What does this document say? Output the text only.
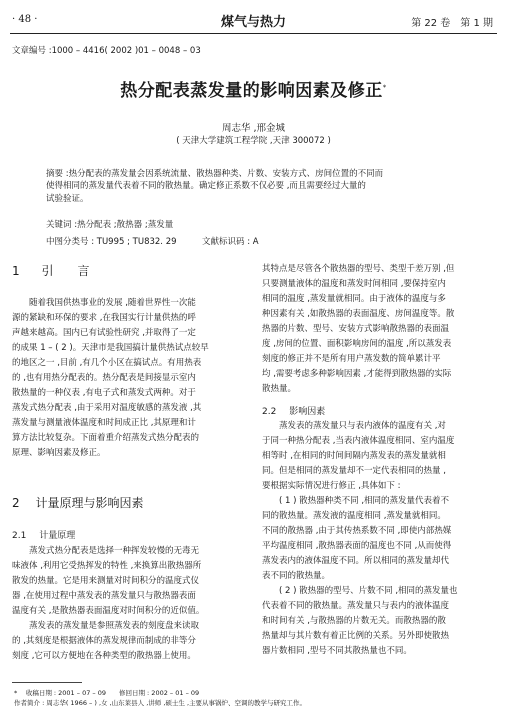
· 48 ·	煤气与热力	第 22 卷　第 1 期
文章编号 :1000 – 4416( 2002 )01 – 0048 – 03
热分配表蒸发量的影响因素及修正*
周志华 ,邢金城
( 天津大学建筑工程学院 ,天津 300072 )
摘要 :热分配表的蒸发量会因系统流量、散热器种类、片数、安装方式、房间位置的不同而
使得相同的蒸发量代表着不同的散热量。确定修正系数不仅必要 ,而且需要经过大量的
试验验证。
关键词 :热分配表 ;散热器 ;蒸发量
中图分类号 : TU995 ; TU832. 29	文献标识码 : A
1 引　　言
　　随着我国供热事业的发展 ,随着世界性一次能
源的紧缺和环保的要求 ,在我国实行计量供热的呼
声越来越高。国内已有试验性研究 ,并取得了一定
的成果 1 – ( 2 )。天津市是我国搞计量供热试点较早
的地区之一 ,目前 ,有几个小区在搞试点。有用热表
的 ,也有用热分配表的。热分配表是间接显示室内
散热量的一种仪表 ,有电子式和蒸发式两种。对于
蒸发式热分配表 ,由于采用对温度敏感的蒸发液 ,其
蒸发量与测量液体温度和时间成正比 ,其原理和计
算方法比较复杂。下面着重介绍蒸发式热分配表的
原理、影响因素及修正。
2 计量原理与影响因素
2.1 计量原理
　　蒸发式热分配表是选择一种挥发较慢的无毒无
味液体 ,利用它受热挥发的特性 ,来换算出散热器所
散发的热量。它是用来测量对时间积分的温度式仪
器 ,在使用过程中蒸发表的蒸发量只与散热器表面
温度有关 ,是散热器表面温度对时间积分的近似值。
　　蒸发表的蒸发量是参照蒸发表的刻度盘来读取
的 ,其刻度是根据液体的蒸发规律而制成的非等分
刻度 ,它可以方便地在各种类型的散热器上使用。
其特点是尽管各个散热器的型号、类型千差万别 ,但
只要测量液体的温度和蒸发时间相同 ,要保持室内
相同的温度 ,蒸发量就相同。由于液体的温度与多
种因素有关 ,如散热器的表面温度、房间温度等。散
热器的片数、型号、安装方式影响散热器的表面温
度 ,房间的位置、面积影响房间的温度 ,所以蒸发表
刻度的修正并不是所有用户蒸发数的简单累计平
均 ,需要考虑多种影响因素 ,才能得到散热器的实际
散热量。
2.2 影响因素
　　蒸发表的蒸发量只与表内液体的温度有关 ,对
于同一种热分配表 ,当表内液体温度相同、室内温度
相等时 ,在相同的时间间隔内蒸发表的蒸发量就相
同。但是相同的蒸发量却不一定代表相同的热量 ,
要根据实际情况进行修正 ,具体如下 :
　　( 1 ) 散热器种类不同 ,相同的蒸发量代表着不
同的散热量。蒸发液的温度相同 ,蒸发量就相同。
不同的散热器 ,由于其传热系数不同 ,即使内部热媒
平均温度相同 ,散热器表面的温度也不同 ,从而使得
蒸发表内的液体温度不同。所以相同的蒸发量却代
表不同的散热量。
　　( 2 ) 散热器的型号、片数不同 ,相同的蒸发量也
代表着不同的散热量。蒸发量只与表内的液体温度
和时间有关 ,与散热器的片数无关。而散热器的散
热量却与其片数有着正比例的关系。另外即使散热
器片数相同 ,型号不同其散热量也不同。
* 　收稿日期 : 2001 – 07 – 09　　修回日期 : 2002 – 01 – 09
作者简介 : 周志华( 1966 – ) ,女 ,山东莱县人 ,讲师 ,硕士生 ,主要从事锅炉、空调的教学与研究工作。
